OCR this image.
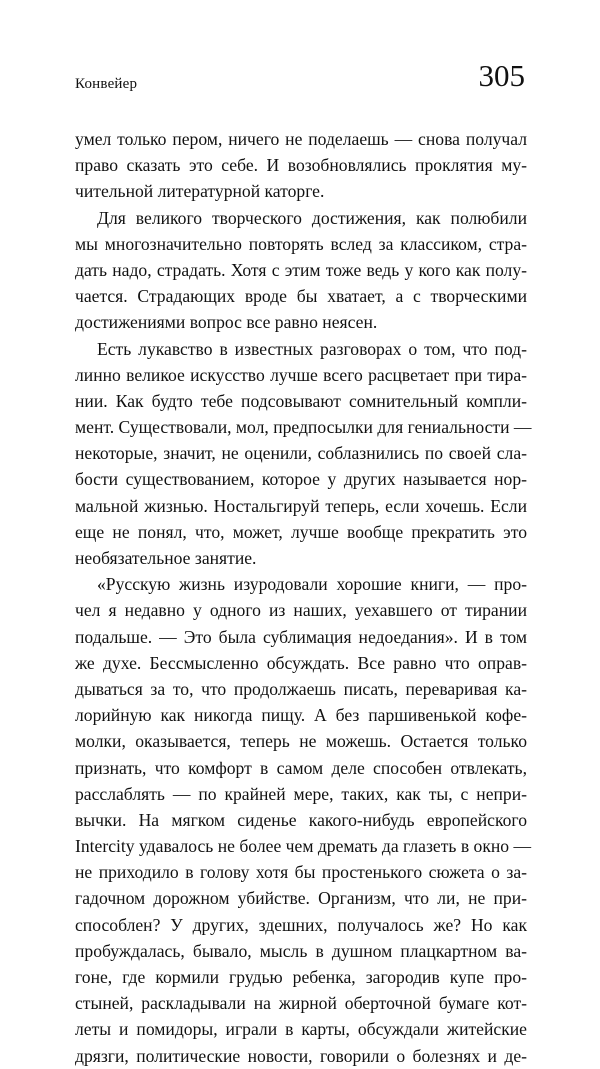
Конвейер	305
умел только пером, ничего не поделаешь — снова получал
право сказать это себе. И возобновлялись проклятия му-
чительной литературной каторге.
Для великого творческого достижения, как полюбили
мы многозначительно повторять вслед за классиком, стра-
дать надо, страдать. Хотя с этим тоже ведь у кого как полу-
чается. Страдающих вроде бы хватает, а с творческими
достижениями вопрос все равно неясен.
Есть лукавство в известных разговорах о том, что под-
линно великое искусство лучше всего расцветает при тира-
нии. Как будто тебе подсовывают сомнительный компли-
мент. Существовали, мол, предпосылки для гениальности —
некоторые, значит, не оценили, соблазнились по своей сла-
бости существованием, которое у других называется нор-
мальной жизнью. Ностальгируй теперь, если хочешь. Если
еще не понял, что, может, лучше вообще прекратить это
необязательное занятие.
«Русскую жизнь изуродовали хорошие книги, — про-
чел я недавно у одного из наших, уехавшего от тирании
подальше. — Это была сублимация недоедания». И в том
же духе. Бессмысленно обсуждать. Все равно что оправ-
дываться за то, что продолжаешь писать, переваривая ка-
лорийную как никогда пищу. А без паршивенькой кофе-
молки, оказывается, теперь не можешь. Остается только
признать, что комфорт в самом деле способен отвлекать,
расслаблять — по крайней мере, таких, как ты, с непри-
вычки. На мягком сиденье какого-нибудь европейского
Intercity удавалось не более чем дремать да глазеть в окно —
не приходило в голову хотя бы простенького сюжета о за-
гадочном дорожном убийстве. Организм, что ли, не при-
способлен? У других, здешних, получалось же? Но как
пробуждалась, бывало, мысль в душном плацкартном ва-
гоне, где кормили грудью ребенка, загородив купе про-
стыней, раскладывали на жирной оберточной бумаге кот-
леты и помидоры, играли в карты, обсуждали житейские
дрязги, политические новости, говорили о болезнях и де-
